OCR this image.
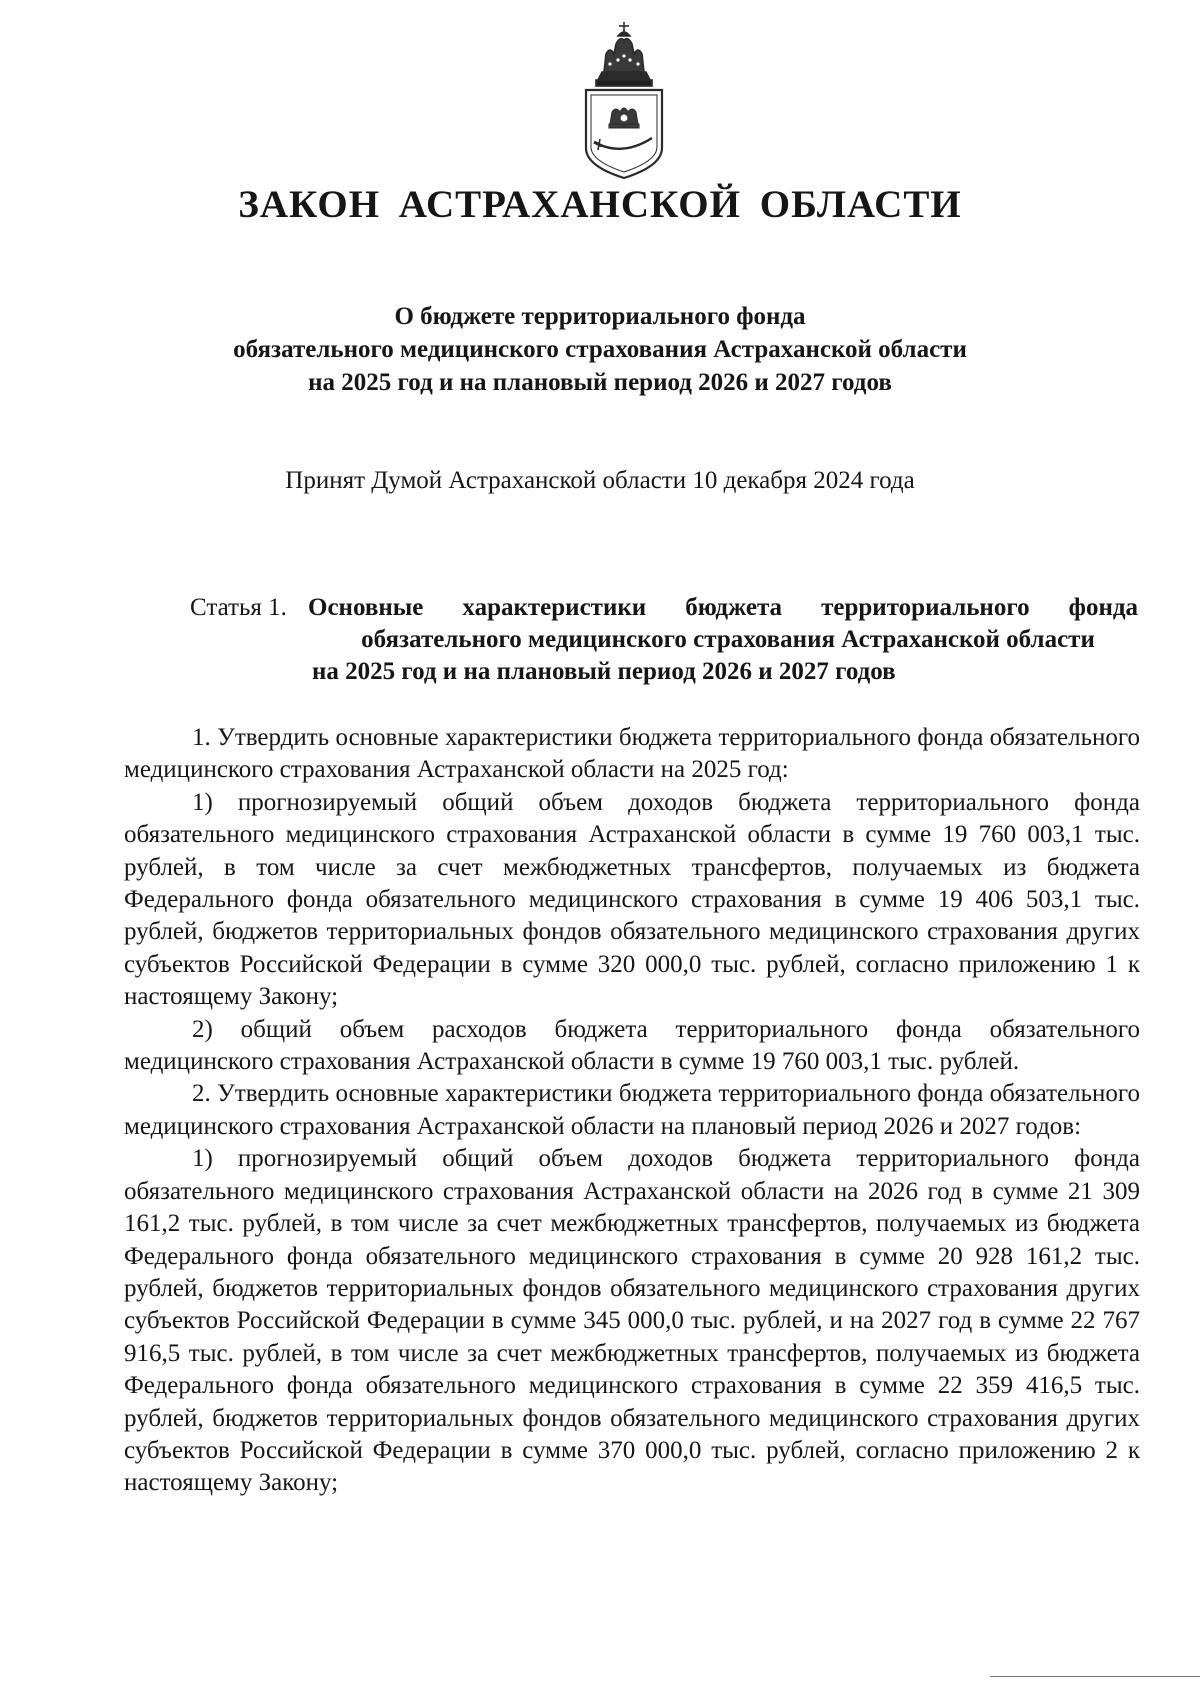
ЗАКОН АСТРАХАНСКОЙ ОБЛАСТИ
О бюджете территориального фонда
обязательного медицинского страхования Астраханской области
на 2025 год и на плановый период 2026 и 2027 годов
Принят Думой Астраханской области 10 декабря 2024 года
Статья 1. Основные характеристики бюджета территориального фонда
обязательного медицинского страхования Астраханской области
на 2025 год и на плановый период 2026 и 2027 годов

1. Утвердить основные характеристики бюджета территориального фонда обязательного медицинского страхования Астраханской области на 2025 год:

1) прогнозируемый общий объем доходов бюджета территориального фонда обязательного медицинского страхования Астраханской области в сумме 19 760 003,1 тыс. рублей, в том числе за счет межбюджетных трансфертов, получаемых из бюджета Федерального фонда обязательного медицинского страхования в сумме 19 406 503,1 тыс. рублей, бюджетов территориальных фондов обязательного медицинского страхования других субъектов Российской Федерации в сумме 320 000,0 тыс. рублей, согласно приложению 1 к настоящему Закону;

2) общий объем расходов бюджета территориального фонда обязательного медицинского страхования Астраханской области в сумме 19 760 003,1 тыс. рублей.

2. Утвердить основные характеристики бюджета территориального фонда обязательного медицинского страхования Астраханской области на плановый период 2026 и 2027 годов:

1) прогнозируемый общий объем доходов бюджета территориального фонда обязательного медицинского страхования Астраханской области на 2026 год в сумме 21 309 161,2 тыс. рублей, в том числе за счет межбюджетных трансфертов, получаемых из бюджета Федерального фонда обязательного медицинского страхования в сумме 20 928 161,2 тыс. рублей, бюджетов территориальных фондов обязательного медицинского страхования других субъектов Российской Федерации в сумме 345 000,0 тыс. рублей, и на 2027 год в сумме 22 767 916,5 тыс. рублей, в том числе за счет межбюджетных трансфертов, получаемых из бюджета Федерального фонда обязательного медицинского страхования в сумме 22 359 416,5 тыс. рублей, бюджетов территориальных фондов обязательного медицинского страхования других субъектов Российской Федерации в сумме 370 000,0 тыс. рублей, согласно приложению 2 к настоящему Закону;
